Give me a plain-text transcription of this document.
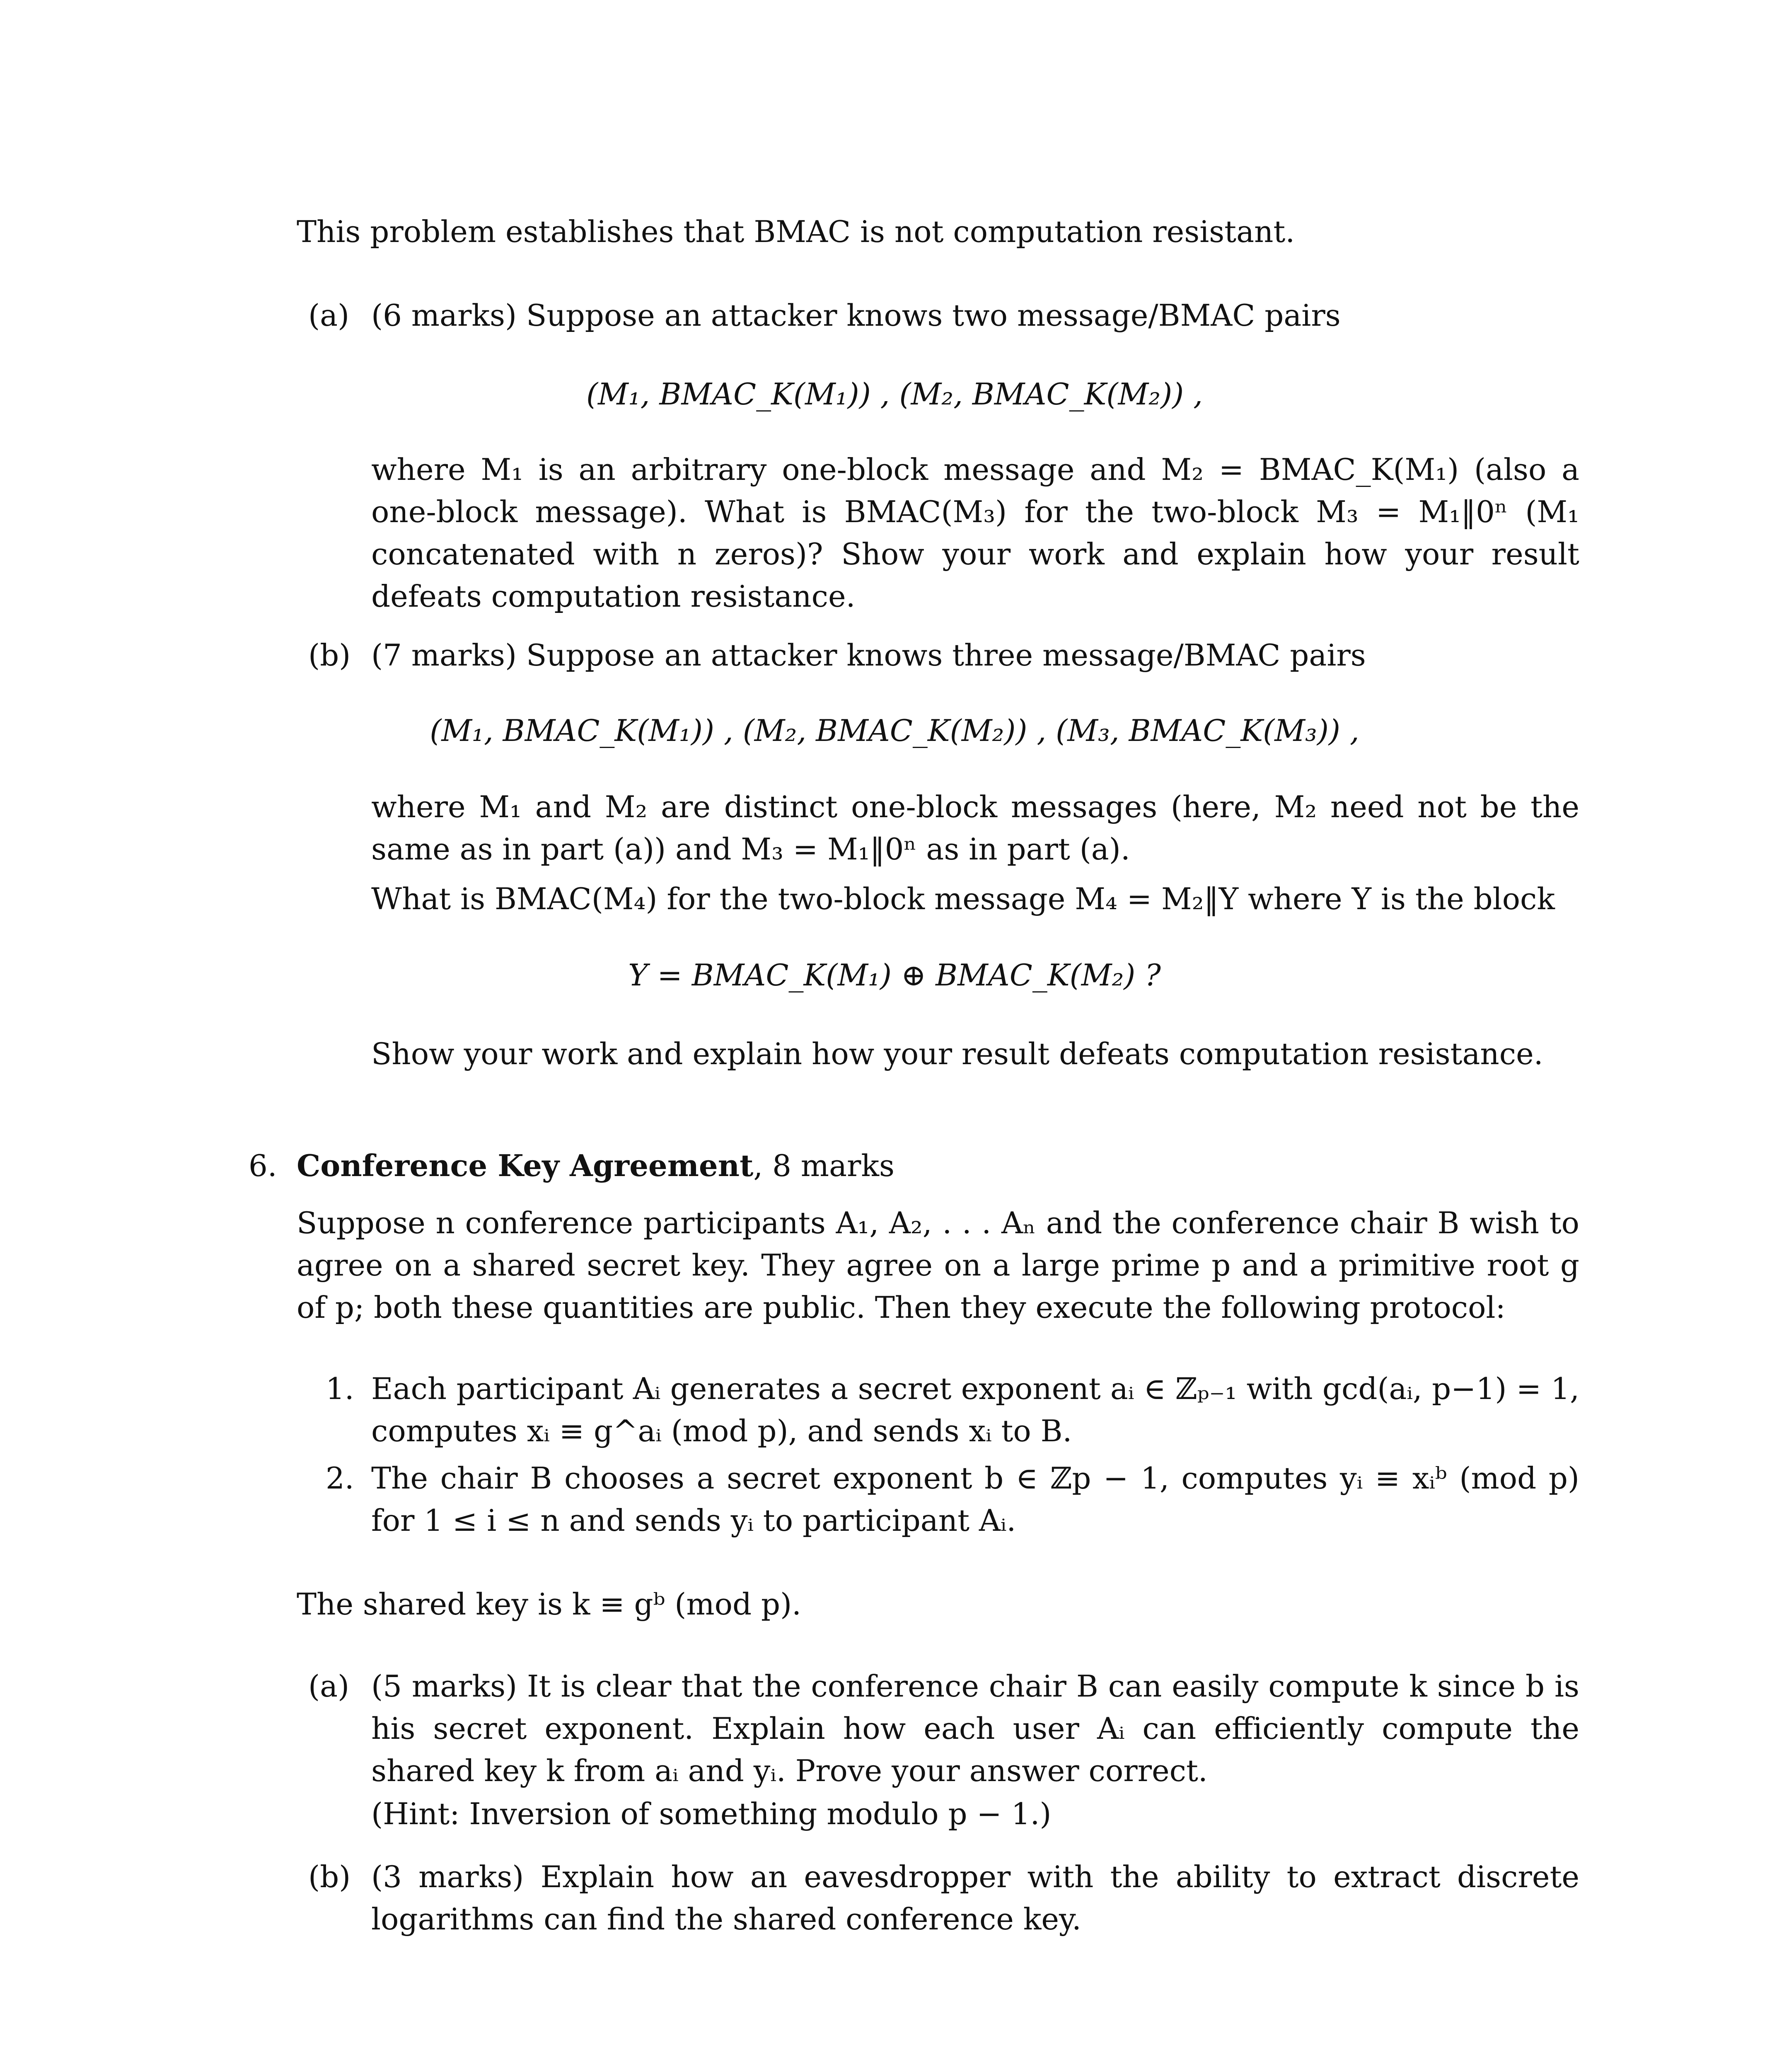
This problem establishes that BMAC is not computation resistant.
(a) (6 marks) Suppose an attacker knows two message/BMAC pairs
(M₁, BMAC_K(M₁)) , (M₂, BMAC_K(M₂)) ,
where M₁ is an arbitrary one-block message and M₂ = BMAC_K(M₁) (also a one-block message). What is BMAC(M₃) for the two-block M₃ = M₁‖0ⁿ (M₁ concatenated with n zeros)? Show your work and explain how your result defeats computation resistance.
(b) (7 marks) Suppose an attacker knows three message/BMAC pairs
(M₁, BMAC_K(M₁)) , (M₂, BMAC_K(M₂)) , (M₃, BMAC_K(M₃)) ,
where M₁ and M₂ are distinct one-block messages (here, M₂ need not be the same as in part (a)) and M₃ = M₁‖0ⁿ as in part (a).
What is BMAC(M₄) for the two-block message M₄ = M₂‖Y where Y is the block
Y = BMAC_K(M₁) ⊕ BMAC_K(M₂) ?
Show your work and explain how your result defeats computation resistance.
6. Conference Key Agreement, 8 marks
Suppose n conference participants A₁, A₂, . . . Aₙ and the conference chair B wish to agree on a shared secret key. They agree on a large prime p and a primitive root g of p; both these quantities are public. Then they execute the following protocol:
1. Each participant Aᵢ generates a secret exponent aᵢ ∈ ℤₚ₋₁ with gcd(aᵢ, p−1) = 1, computes xᵢ ≡ g^aᵢ (mod p), and sends xᵢ to B.
2. The chair B chooses a secret exponent b ∈ ℤp − 1, computes yᵢ ≡ xᵢᵇ (mod p) for 1 ≤ i ≤ n and sends yᵢ to participant Aᵢ.
The shared key is k ≡ gᵇ (mod p).
(a) (5 marks) It is clear that the conference chair B can easily compute k since b is his secret exponent. Explain how each user Aᵢ can efficiently compute the shared key k from aᵢ and yᵢ. Prove your answer correct.
(Hint: Inversion of something modulo p − 1.)
(b) (3 marks) Explain how an eavesdropper with the ability to extract discrete logarithms can find the shared conference key.
